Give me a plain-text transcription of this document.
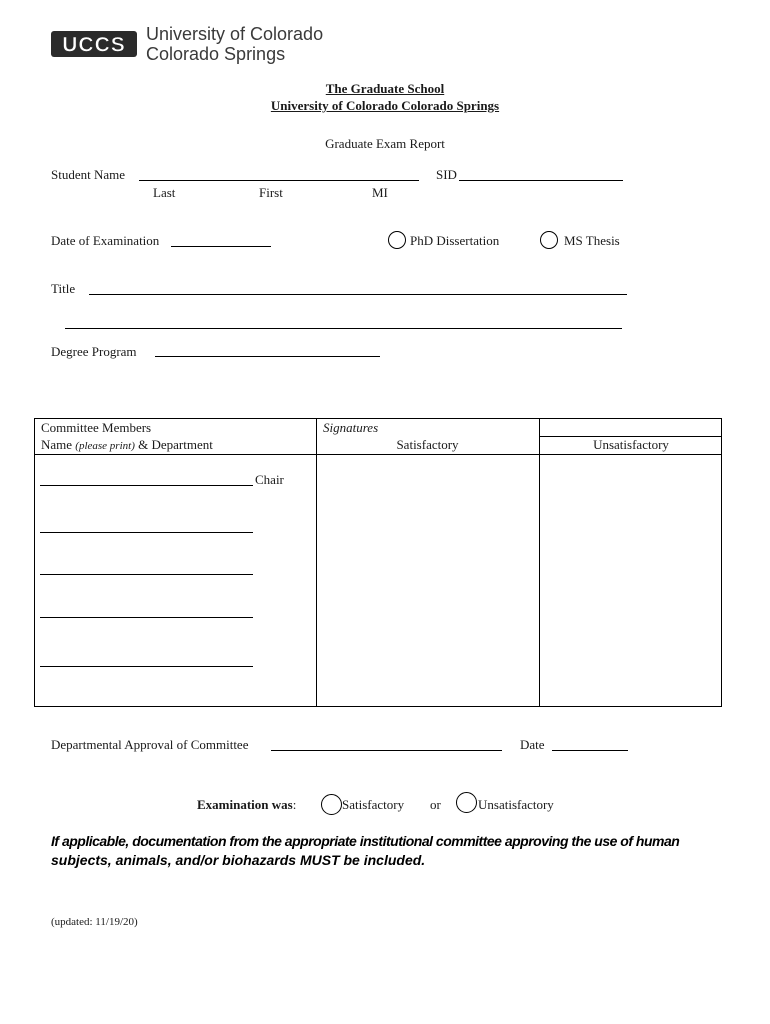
UCCS University of Colorado
Colorado Springs
The Graduate School
University of Colorado Colorado Springs
Graduate Exam Report
Student Name
Last	First	MI
SID
Date of Examination	PhD Dissertation	MS Thesis
Title
Degree Program
Committee Members
Name (please print) & Department
Signatures
Satisfactory	Unsatisfactory
Chair
Departmental Approval of Committee	Date
Examination was:	Satisfactory or	Unsatisfactory
If applicable, documentation from the appropriate institutional committee approving the use of human
subjects, animals, and/or biohazards MUST be included.
(updated: 11/19/20)
